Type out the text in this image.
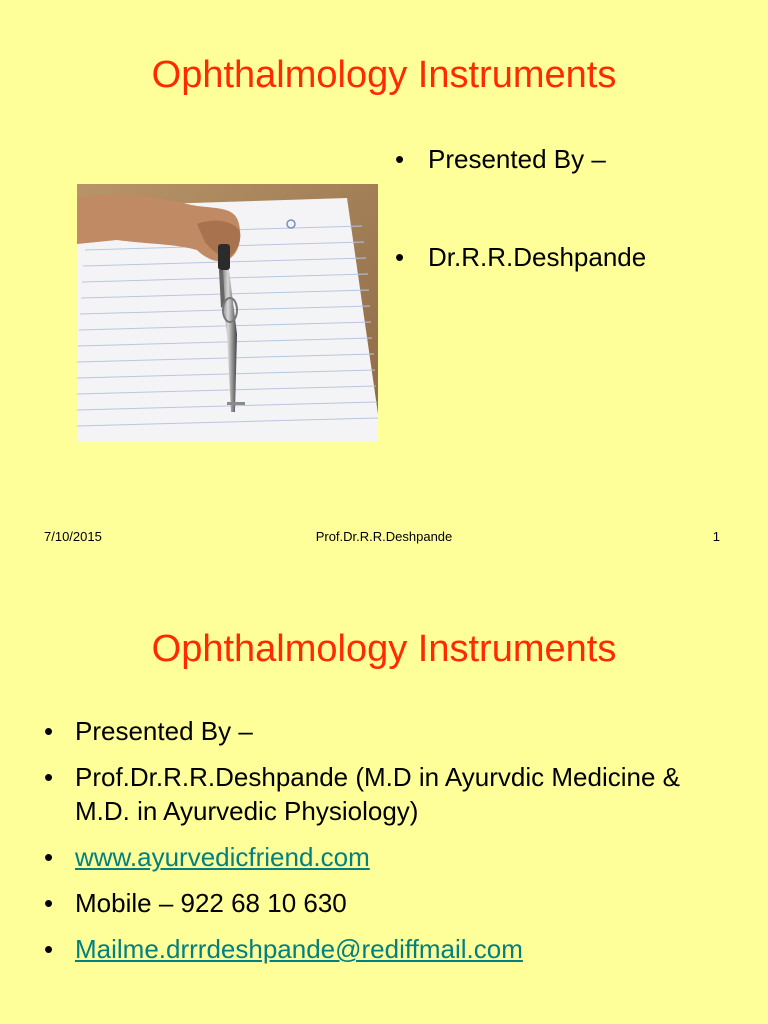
Ophthalmology Instruments
• Presented By –
• Dr.R.R.Deshpande
7/10/2015	Prof.Dr.R.R.Deshpande	1
Ophthalmology Instruments
• Presented By –
• Prof.Dr.R.R.Deshpande (M.D in Ayurvdic Medicine & M.D. in Ayurvedic Physiology)
• www.ayurvedicfriend.com
• Mobile – 922 68 10 630
• Mailme.drrrdeshpande@rediffmail.com
